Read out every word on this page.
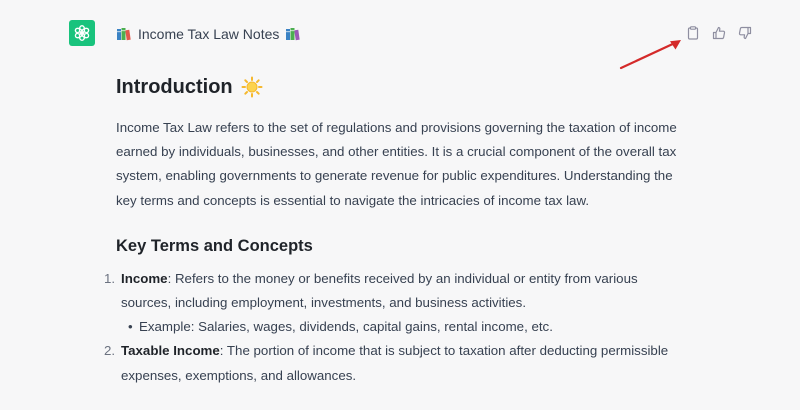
Income Tax Law Notes
Introduction

Income Tax Law refers to the set of regulations and provisions governing the taxation of income earned by individuals, businesses, and other entities. It is a crucial component of the overall tax system, enabling governments to generate revenue for public expenditures. Understanding the key terms and concepts is essential to navigate the intricacies of income tax law.

Key Terms and Concepts
1. Income: Refers to the money or benefits received by an individual or entity from various sources, including employment, investments, and business activities.
• Example: Salaries, wages, dividends, capital gains, rental income, etc.
2. Taxable Income: The portion of income that is subject to taxation after deducting permissible expenses, exemptions, and allowances.
